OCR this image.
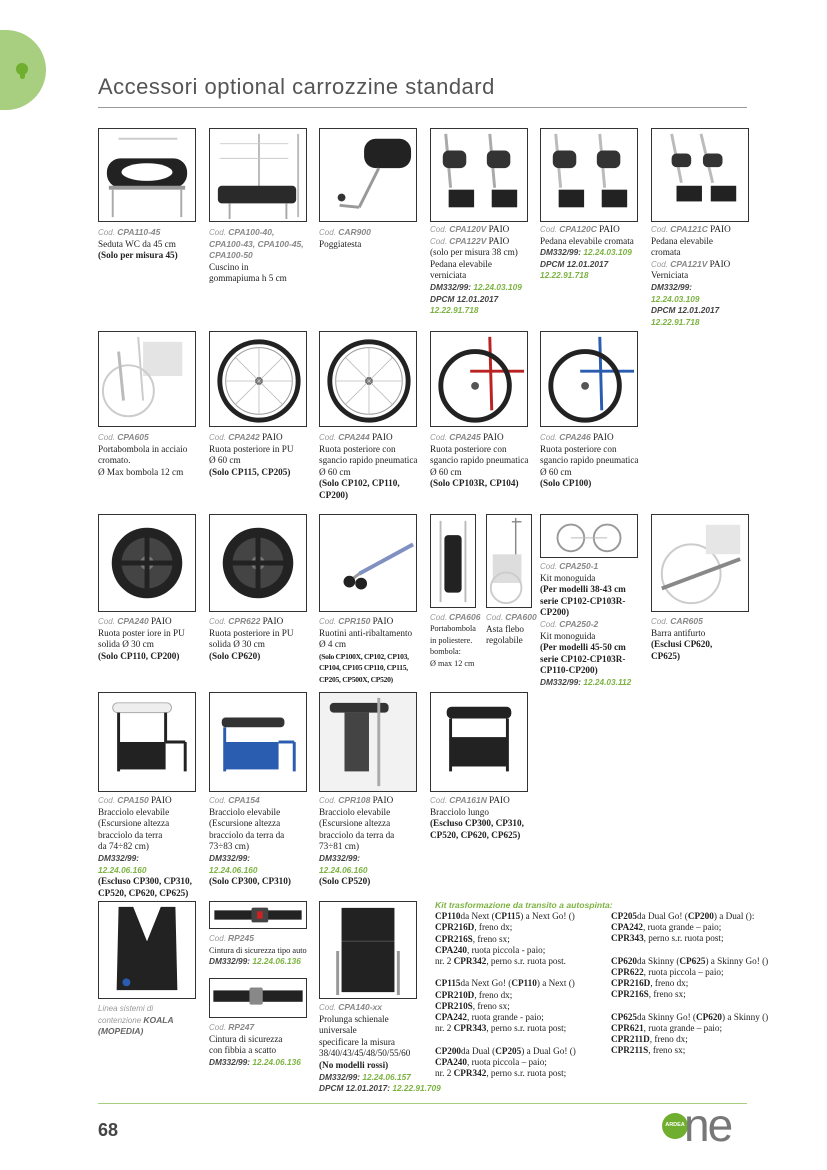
Accessori optional carrozzine standard
Cod. CPA110-45
Seduta WC da 45 cm
(Solo per misura 45)
Cod. CPA100-40,
CPA100-43, CPA100-45,
CPA100-50
Cuscino in
gommapiuma h 5 cm
Cod. CAR900
Poggiatesta
Cod. CPA120V PAIO
Cod. CPA122V PAIO
(solo per misura 38 cm)
Pedana elevabile
verniciata
DM332/99: 12.24.03.109
DPCM 12.01.2017
12.22.91.718
Cod. CPA120C PAIO
Pedana elevabile cromata
DM332/99: 12.24.03.109
DPCM 12.01.2017
12.22.91.718
Cod. CPA121C PAIO
Pedana elevabile
cromata
Cod. CPA121V PAIO
Verniciata
DM332/99:
12.24.03.109
DPCM 12.01.2017
12.22.91.718
Cod. CPA605
Portabombola in acciaio
cromato.
Ø Max bombola 12 cm
Cod. CPA242 PAIO
Ruota posteriore in PU
Ø 60 cm
(Solo CP115, CP205)
Cod. CPA244 PAIO
Ruota posteriore con
sgancio rapido pneumatica
Ø 60 cm
(Solo CP102, CP110,
CP200)
Cod. CPA245 PAIO
Ruota posteriore con
sgancio rapido pneumatica
Ø 60 cm
(Solo CP103R, CP104)
Cod. CPA246 PAIO
Ruota posteriore con
sgancio rapido pneumatica
Ø 60 cm
(Solo CP100)
Cod. CPA240 PAIO
Ruota poster iore in PU
solida Ø 30 cm
(Solo CP110, CP200)
Cod. CPR622 PAIO
Ruota posteriore in PU
solida Ø 30 cm
(Solo CP620)
Cod. CPR150 PAIO
Ruotini anti-ribaltamento
Ø 4 cm
(Solo CP100X, CP102, CP103,
CP104, CP105 CP110, CP115,
CP205, CP500X, CP520)
Cod. CPA606
Portabombola
in poliestere.
bombola:
Ø max 12 cm
Cod. CPA600
Asta flebo
regolabile
Cod. CPA250-1
Kit monoguida
(Per modelli 38-43 cm
serie CP102-CP103R-
CP200)
Cod. CPA250-2
Kit monoguida
(Per modelli 45-50 cm
serie CP102-CP103R-
CP110-CP200)
DM332/99: 12.24.03.112
Cod. CAR605
Barra antifurto
(Esclusi CP620,
CP625)
Cod. CPA150 PAIO
Bracciolo elevabile
(Escursione altezza
bracciolo da terra
da 74÷82 cm)
DM332/99:
12.24.06.160
(Escluso CP300, CP310,
CP520, CP620, CP625)
Cod. CPA154
Bracciolo elevabile
(Escursione altezza
bracciolo da terra da
73÷83 cm)
DM332/99:
12.24.06.160
(Solo CP300, CP310)
Cod. CPR108 PAIO
Bracciolo elevabile
(Escursione altezza
bracciolo da terra da
73÷81 cm)
DM332/99:
12.24.06.160
(Solo CP520)
Cod. CPA161N PAIO
Bracciolo lungo
(Escluso CP300, CP310,
CP520, CP620, CP625)
Linea sistemi di
contenzione KOALA
(MOPEDIA)
Cod. RP245
Cintura di sicurezza tipo auto
DM332/99: 12.24.06.136
Cod. RP247
Cintura di sicurezza
con fibbia a scatto
DM332/99: 12.24.06.136
Cod. CPA140-xx
Prolunga schienale
universale
specificare la misura
38/40/43/45/48/50/55/60
(No modelli rossi)
DM332/99: 12.24.06.157
DPCM 12.01.2017: 12.22.91.709
Kit trasformazione da transito a autospinta:
CP110da Next (CP115) a Next Go! ()
CPR216D, freno dx;
CPR216S, freno sx;
CPA240, ruota piccola - paio;
nr. 2 CPR342, perno s.r. ruota post.

CP115da Next Go! (CP110) a Next ()
CPR210D, freno dx;
CPR210S, freno sx;
CPA242, ruota grande - paio;
nr. 2 CPR343, perno s.r. ruota post;

CP200da Dual (CP205) a Dual Go! ()
CPA240, ruota piccola – paio;
nr. 2 CPR342, perno s.r. ruota post;
CP205da Dual Go! (CP200) a Dual ():
CPA242, ruota grande – paio;
CPR343, perno s.r. ruota post;

CP620da Skinny (CP625) a Skinny Go! ()
CPR622, ruota piccola – paio;
CPR216D, freno dx;
CPR216S, freno sx;

CP625da Skinny Go! (CP620) a Skinny ()
CPR621, ruota grande – paio;
CPR211D, freno dx;
CPR211S, freno sx;
68	ARDEA ne
